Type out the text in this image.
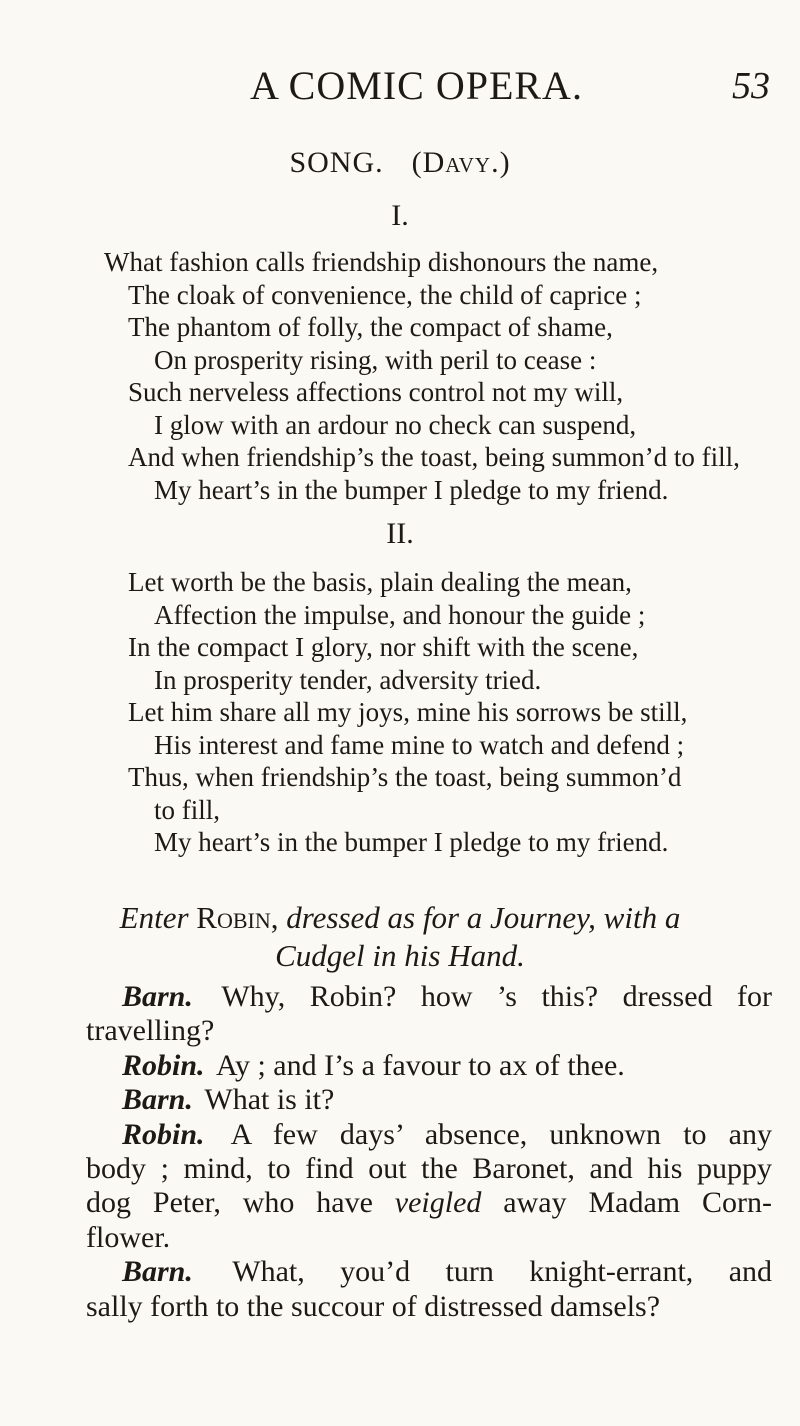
A COMIC OPERA.	53
SONG. (Davy.)
I.
What fashion calls friendship dishonours the name,
The cloak of convenience, the child of caprice ;
The phantom of folly, the compact of shame,
On prosperity rising, with peril to cease :
Such nerveless affections control not my will,
I glow with an ardour no check can suspend,
And when friendship’s the toast, being summon’d to fill,
My heart’s in the bumper I pledge to my friend.
II.
Let worth be the basis, plain dealing the mean,
Affection the impulse, and honour the guide ;
In the compact I glory, nor shift with the scene,
In prosperity tender, adversity tried.
Let him share all my joys, mine his sorrows be still,
His interest and fame mine to watch and defend ;
Thus, when friendship’s the toast, being summon’d
to fill,
My heart’s in the bumper I pledge to my friend.
Enter Robin, dressed as for a Journey, with a
Cudgel in his Hand.
Barn. Why, Robin? how ’s this? dressed for
travelling?
Robin. Ay ; and I’s a favour to ax of thee.
Barn. What is it?
Robin. A few days’ absence, unknown to any
body ; mind, to find out the Baronet, and his puppy
dog Peter, who have veigled away Madam Corn-
flower.
Barn. What, you’d turn knight-errant, and
sally forth to the succour of distressed damsels?
